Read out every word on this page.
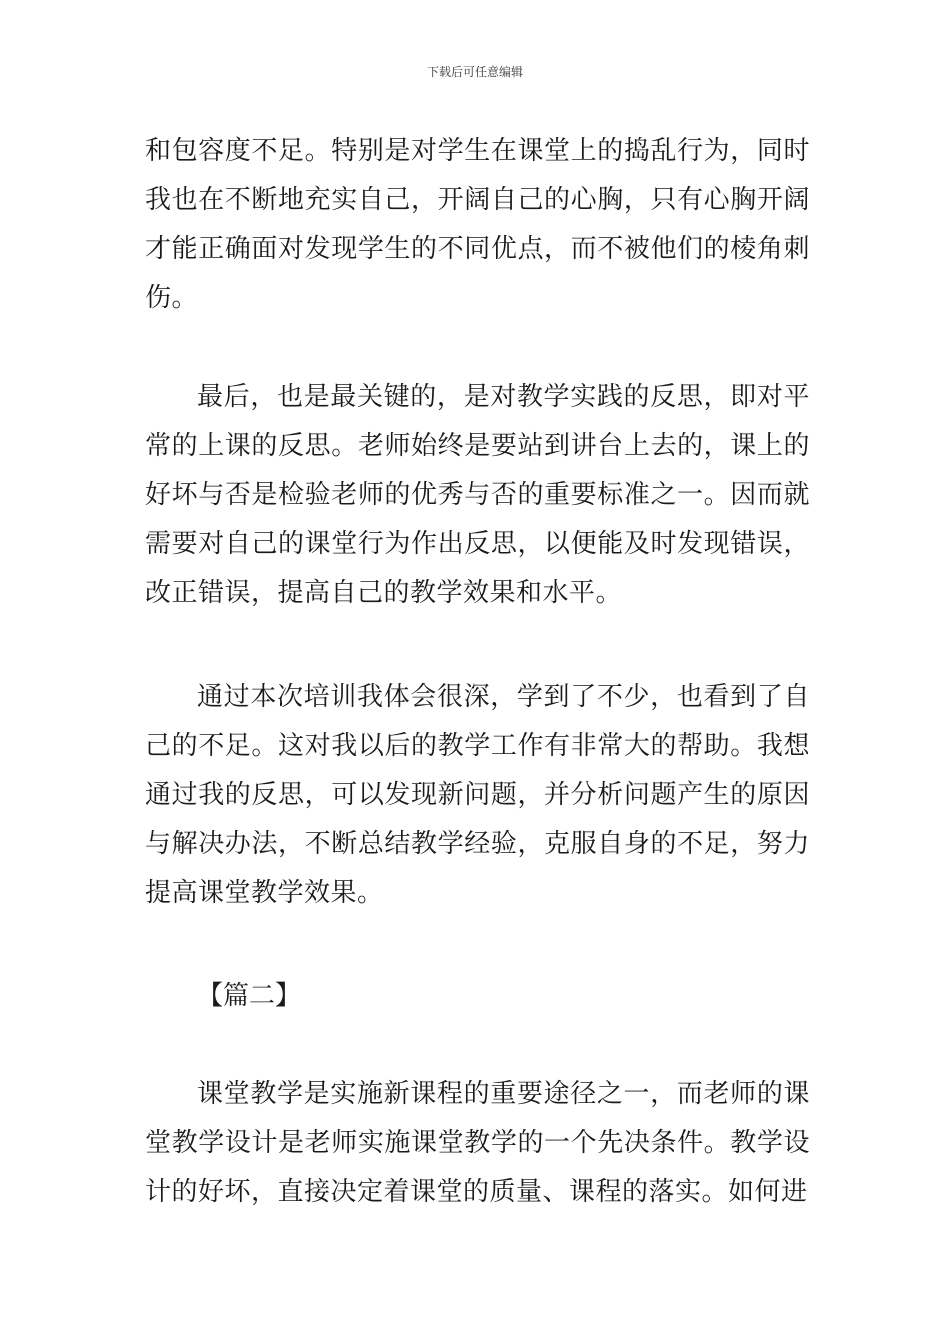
下载后可任意编辑

和包容度不足。特别是对学生在课堂上的捣乱行为，同时我也在不断地充实自己，开阔自己的心胸，只有心胸开阔才能正确面对发现学生的不同优点，而不被他们的棱角刺伤。

最后，也是最关键的，是对教学实践的反思，即对平常的上课的反思。老师始终是要站到讲台上去的，课上的好坏与否是检验老师的优秀与否的重要标准之一。因而就需要对自己的课堂行为作出反思，以便能及时发现错误，改正错误，提高自己的教学效果和水平。

通过本次培训我体会很深，学到了不少，也看到了自己的不足。这对我以后的教学工作有非常大的帮助。我想通过我的反思，可以发现新问题，并分析问题产生的原因与解决办法，不断总结教学经验，克服自身的不足，努力提高课堂教学效果。

【篇二】

课堂教学是实施新课程的重要途径之一，而老师的课堂教学设计是老师实施课堂教学的一个先决条件。教学设计的好坏，直接决定着课堂的质量、课程的落实。如何进
